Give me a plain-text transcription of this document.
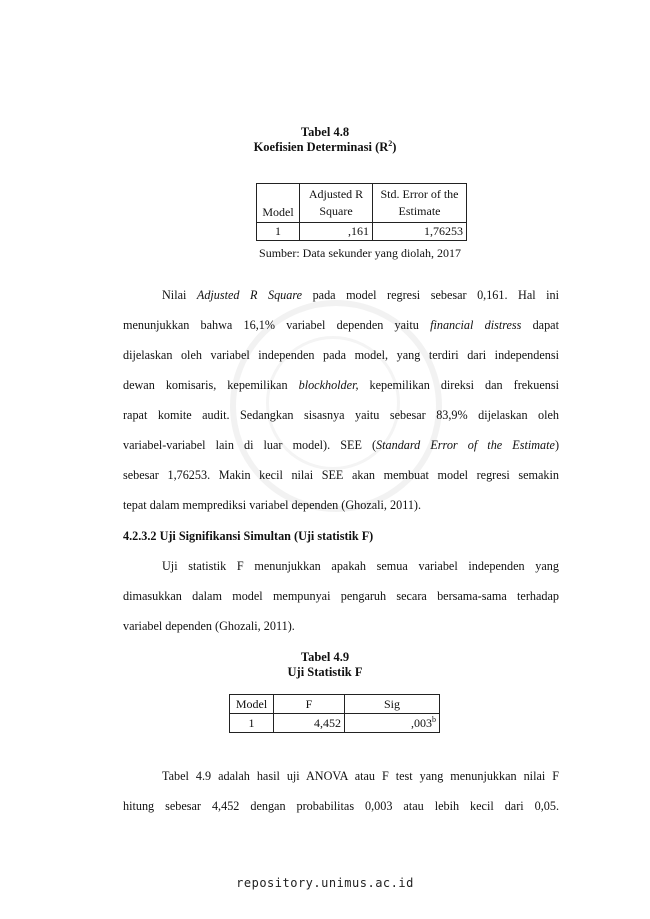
Tabel 4.8
Koefisien Determinasi $(R^2)$
Model	Adjusted R Square	Std. Error of the Estimate
1	,161	1,76253
Sumber: Data sekunder yang diolah, 2017
Nilai Adjusted R Square pada model regresi sebesar 0,161. Hal ini
menunjukkan bahwa 16,1% variabel dependen yaitu financial distress dapat
dijelaskan oleh variabel independen pada model, yang terdiri dari independensi
dewan komisaris, kepemilikan blockholder, kepemilikan direksi dan frekuensi
rapat komite audit. Sedangkan sisasnya yaitu sebesar 83,9% dijelaskan oleh
variabel-variabel lain di luar model). SEE (Standard Error of the Estimate)
sebesar 1,76253. Makin kecil nilai SEE akan membuat model regresi semakin
tepat dalam memprediksi variabel dependen (Ghozali, 2011).
4.2.3.2 Uji Signifikansi Simultan (Uji statistik F)
Uji statistik F menunjukkan apakah semua variabel independen yang
dimasukkan dalam model mempunyai pengaruh secara bersama-sama terhadap
variabel dependen (Ghozali, 2011).
Tabel 4.9
Uji Statistik F
Model	F	Sig
1	4,452	,003$^b$
Tabel 4.9 adalah hasil uji ANOVA atau F test yang menunjukkan nilai F
hitung sebesar 4,452 dengan probabilitas 0,003 atau lebih kecil dari 0,05.
repository.unimus.ac.id
